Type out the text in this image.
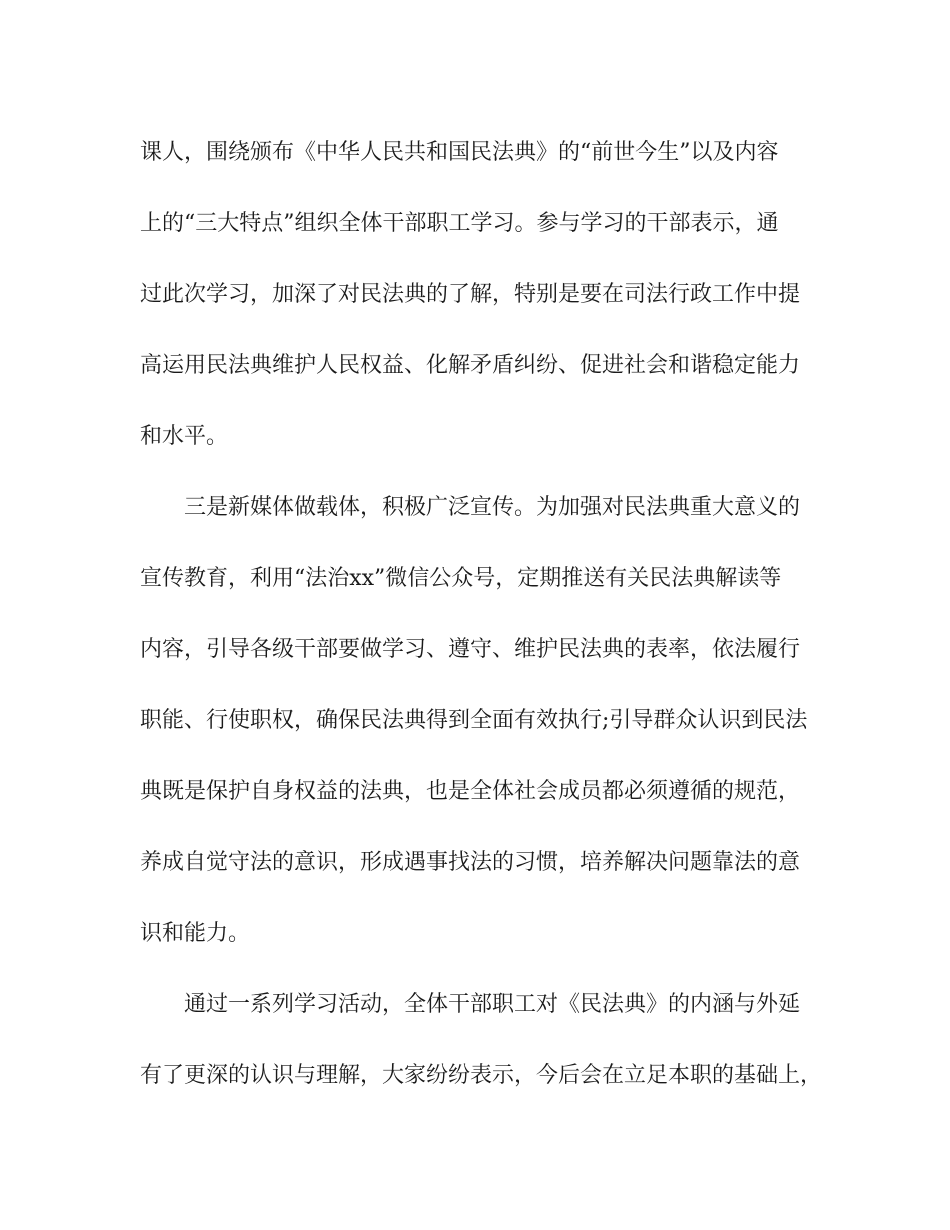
课人，围绕颁布《中华人民共和国民法典》的“前世今生”以及内容
上的“三大特点”组织全体干部职工学习。参与学习的干部表示，通
过此次学习，加深了对民法典的了解，特别是要在司法行政工作中提
高运用民法典维护人民权益、化解矛盾纠纷、促进社会和谐稳定能力
和水平。
三是新媒体做载体，积极广泛宣传。为加强对民法典重大意义的
宣传教育，利用“法治xx”微信公众号，定期推送有关民法典解读等
内容，引导各级干部要做学习、遵守、维护民法典的表率，依法履行
职能、行使职权，确保民法典得到全面有效执行;引导群众认识到民法
典既是保护自身权益的法典，也是全体社会成员都必须遵循的规范，
养成自觉守法的意识，形成遇事找法的习惯，培养解决问题靠法的意
识和能力。
通过一系列学习活动，全体干部职工对《民法典》的内涵与外延
有了更深的认识与理解，大家纷纷表示，今后会在立足本职的基础上，
